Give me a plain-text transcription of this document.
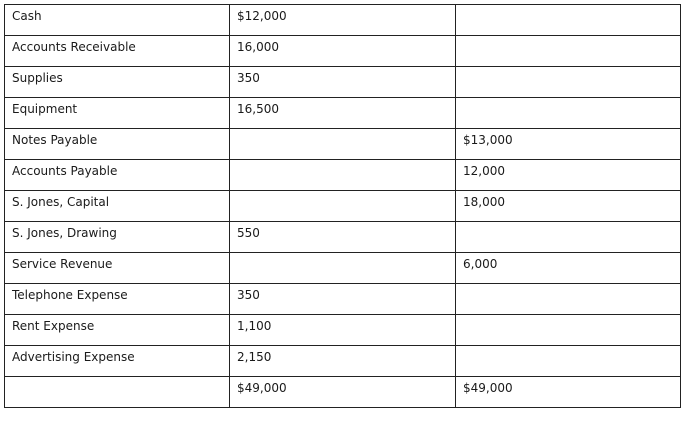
Cash	$12,000	

Accounts Receivable	16,000	

Supplies	350	

Equipment	16,500	

Notes Payable		$13,000

Accounts Payable		12,000

S. Jones, Capital		18,000

S. Jones, Drawing	550	

Service Revenue		6,000

Telephone Expense	350	

Rent Expense	1,100	

Advertising Expense	2,150	

	$49,000	$49,000
